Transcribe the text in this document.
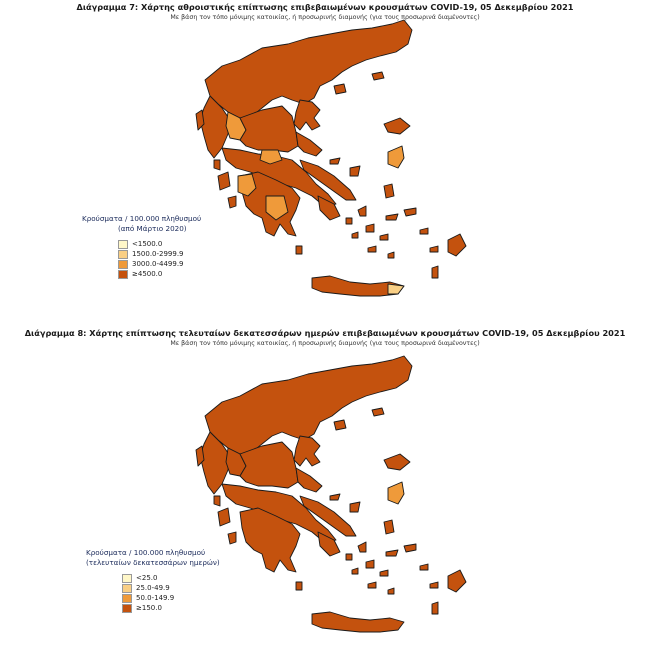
Διάγραμμα 7: Χάρτης αθροιστικής επίπτωσης επιβεβαιωμένων κρουσμάτων COVID-19, 05 Δεκεμβρίου 2021
Με βάση τον τόπο μόνιμης κατοικίας, ή προσωρινής διαμονής (για τους προσωρινά διαμένοντες)
Κρούσματα / 100.000 πληθυσμού
(από Μάρτιο 2020)
<1500.0
1500.0-2999.9
3000.0-4499.9
≥4500.0
Διάγραμμα 8: Χάρτης επίπτωσης τελευταίων δεκατεσσάρων ημερών επιβεβαιωμένων κρουσμάτων COVID-19, 05 Δεκεμβρίου 2021
Με βάση τον τόπο μόνιμης κατοικίας, ή προσωρινής διαμονής (για τους προσωρινά διαμένοντες)
Κρούσματα / 100.000 πληθυσμού
(τελευταίων δεκατεσσάρων ημερών)
<25.0
25.0-49.9
50.0-149.9
≥150.0
